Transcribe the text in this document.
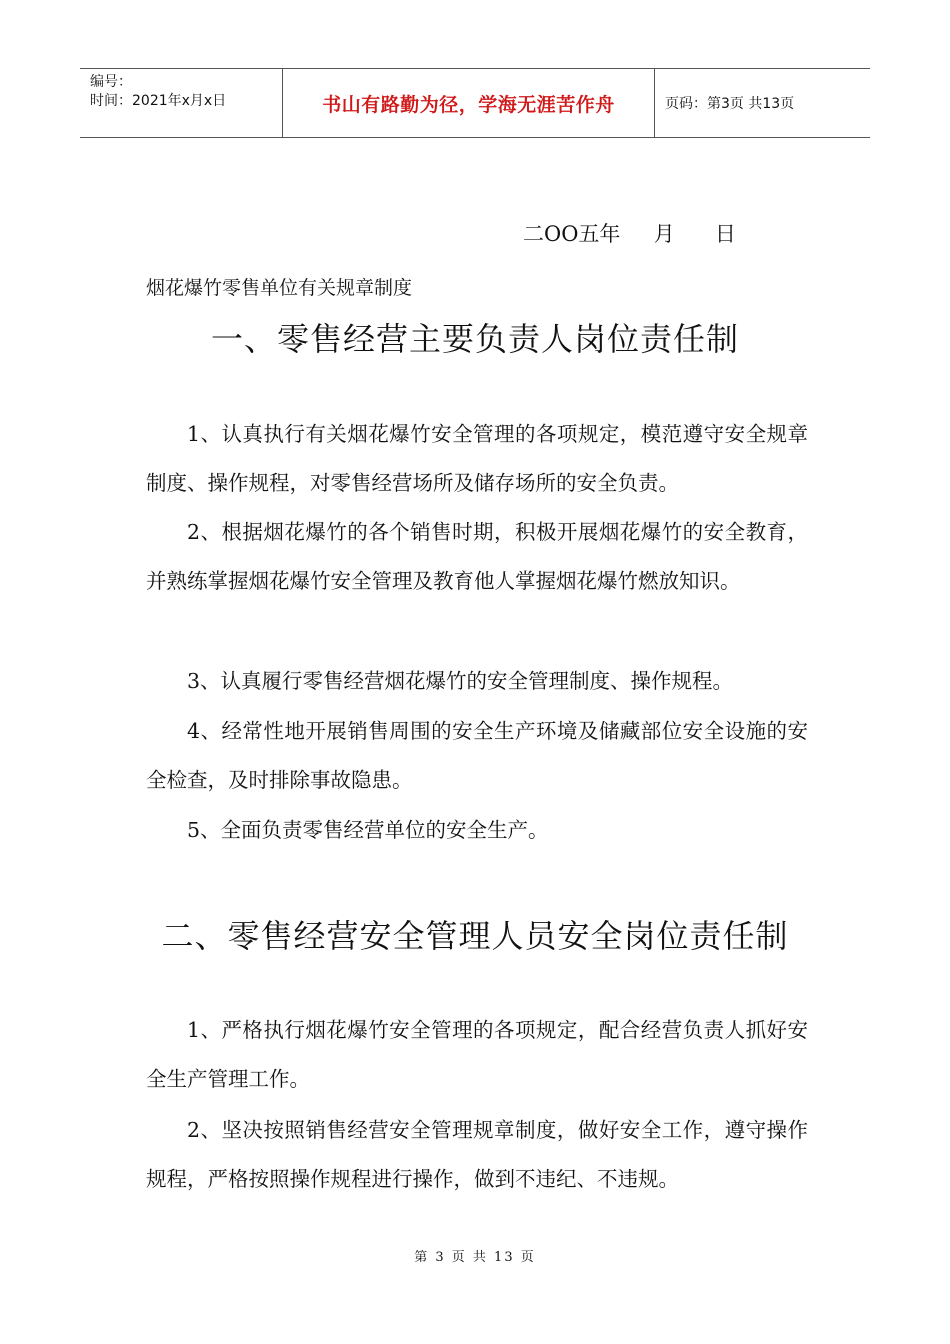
编号：
时间：2021年x月x日	书山有路勤为径，学海无涯苦作舟	页码：第3页 共13页
二OO五年     月      日
烟花爆竹零售单位有关规章制度
一、零售经营主要负责人岗位责任制
1、认真执行有关烟花爆竹安全管理的各项规定，模范遵守安全规章制度、操作规程，对零售经营场所及储存场所的安全负责。
2、根据烟花爆竹的各个销售时期，积极开展烟花爆竹的安全教育，并熟练掌握烟花爆竹安全管理及教育他人掌握烟花爆竹燃放知识。
3、认真履行零售经营烟花爆竹的安全管理制度、操作规程。
4、经常性地开展销售周围的安全生产环境及储藏部位安全设施的安全检查，及时排除事故隐患。
5、全面负责零售经营单位的安全生产。
二、零售经营安全管理人员安全岗位责任制
1、严格执行烟花爆竹安全管理的各项规定，配合经营负责人抓好安全生产管理工作。
2、坚决按照销售经营安全管理规章制度，做好安全工作，遵守操作规程，严格按照操作规程进行操作，做到不违纪、不违规。
第 3 页 共 13 页
